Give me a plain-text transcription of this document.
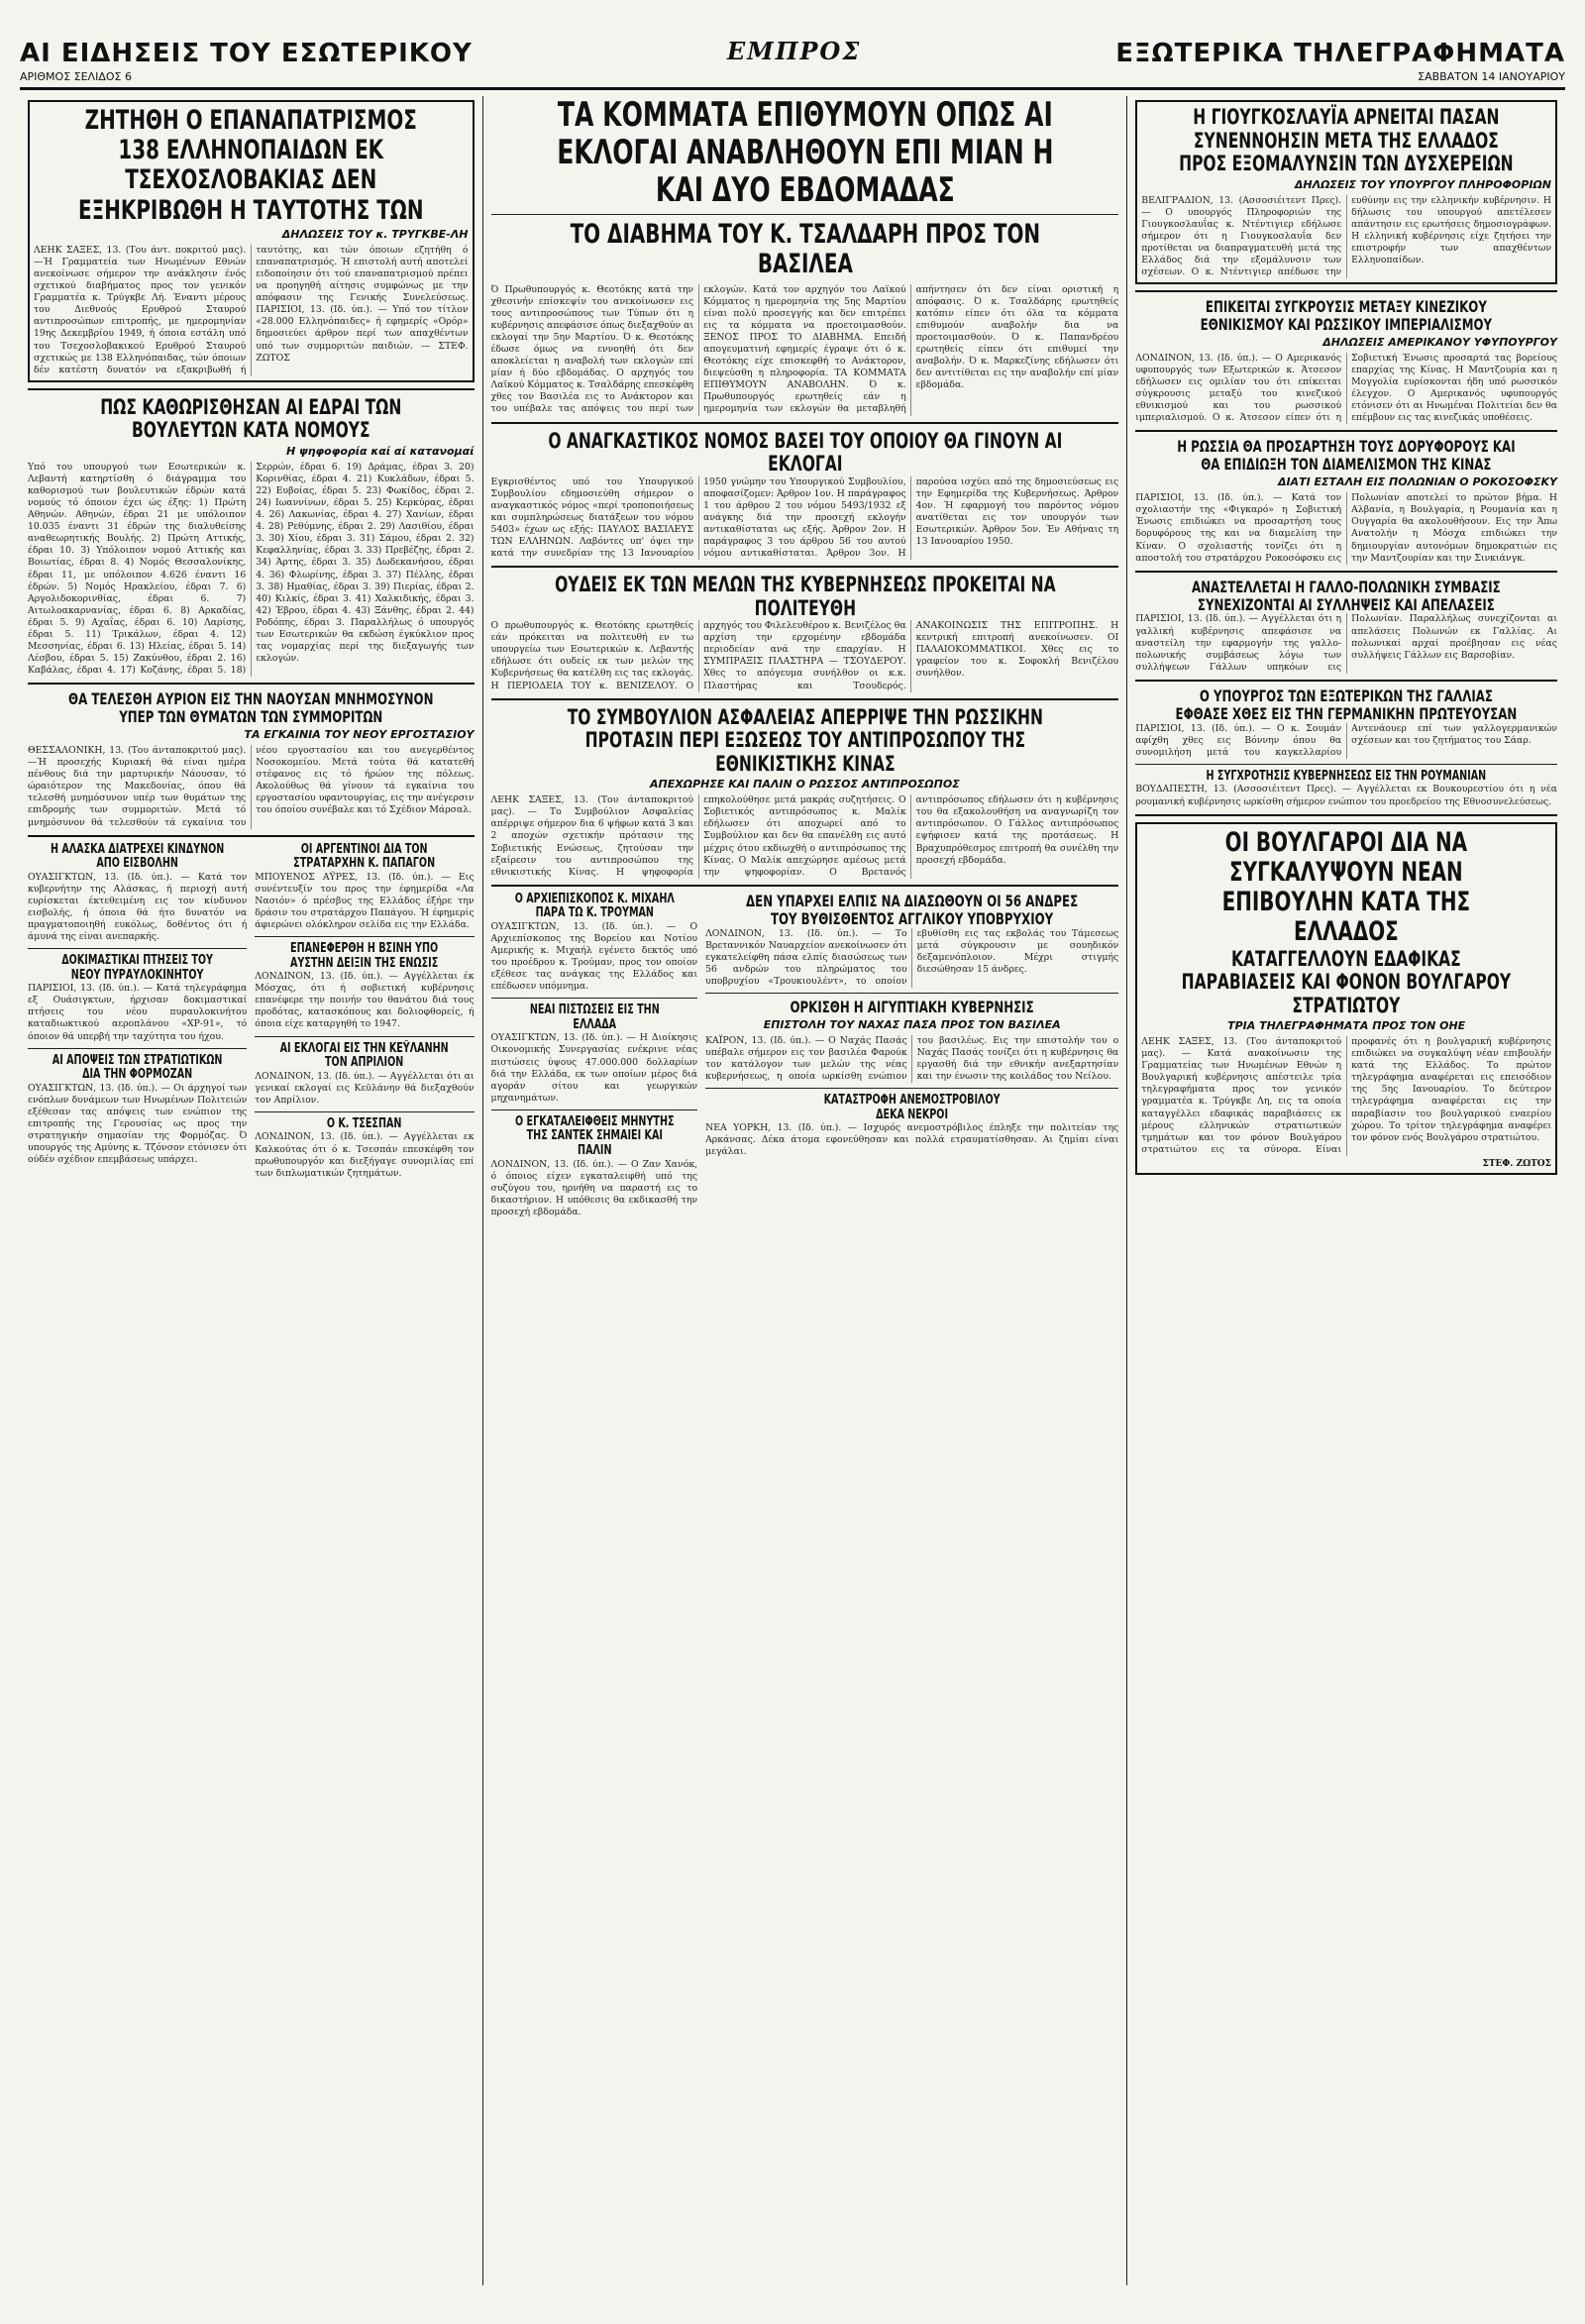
ΑΙ ΕΙΔΗΣΕΙΣ ΤΟΥ ΕΣΩΤΕΡΙΚΟΥ
ΑΡΙΘΜΟΣ ΣΕΛΙΔΟΣ 6
ΕΜΠΡΟΣ	ΕΞΩΤΕΡΙΚΑ ΤΗΛΕΓΡΑΦΗΜΑΤΑ
ΣΑΒΒΑΤΟΝ 14 ΙΑΝΟΥΑΡΙΟΥ
ΖΗΤΗΘΗ Ο ΕΠΑΝΑΠΑΤΡΙΣΜΟΣ 138 ΕΛΛΗΝΟΠΑΙΔΩΝ ΕΚ ΤΣΕΧΟΣΛΟΒΑΚΙΑΣ ΔΕΝ ΕΞΗΚΡΙΒΩΘΗ Η ΤΑΥΤΟΤΗΣ ΤΩΝ
ΔΗΛΩΣΕΙΣ ΤΟΥ κ. ΤΡΥΓΚΒΕ-ΛΗ
ΛΕΗΚ ΣΑΞΕΣ, 13. (Του άντ. ποκριτού μας).—Ή Γραμματεία των Ηνωμένων Εθνών ανεκοίνωσε σήμερον την ανάκλησιν ένός σχετικού διαβήματος προς τον γενικόν Γραμματέα κ. Τρύγκβε Λή. Έναντι μέρους του Διεθνούς Ερυθρού Σταυρού αντιπροσώπων επιτροπής, με ημερομηνίαν 19ης Δεκεμβρίου 1949, ή όποια εστάλη υπό του Τσεχοσλοβακικού Ερυθρού Σταυρού σχετικώς με 138 Ελληνόπαιδας, τών όποιων δέν κατέστη δυνατόν να εξακριβωθή ή ταυτότης, και τών όποιων εζητήθη ό επαναπατρισμός. Ή επιστολή αυτή αποτελεί ειδοποίησιν ότι τού επαναπατρισμού πρέπει να προηγηθή αίτησις συμφώνως με την απόφασιν της Γενικής Συνελεύσεως. ΠΑΡΙΣΙΟΙ, 13. (Ιδ. ύπ.). — Υπό τον τίτλον «28.000 Ελληνόπαιδες» ή εφημερίς «Ορόρ» δημοσιεύει άρθρον περί των απαχθέντων υπό των συμμοριτών παιδιών. — ΣΤΕΦ. ΖΩΤΟΣ
ΠΩΣ ΚΑΘΩΡΙΣΘΗΣΑΝ ΑΙ ΕΔΡΑΙ ΤΩΝ ΒΟΥΛΕΥΤΩΝ ΚΑΤΑ ΝΟΜΟΥΣ
Η ψηφοφορία καί αί κατανομαί
Υπό του υπουργού των Εσωτερικών κ. Λεβαντή κατηρτίσθη ό διάγραμμα του καθορισμού των βουλευτικών έδρών κατά νομούς τό όποιον έχει ώς έξης: 1) Πρώτη Αθηνών. Αθηνών, έδραι 21 με υπόλοιπον 10.035 έναντι 31 έδρών της διαλυθείσης αναθεωρητικής Βουλής. 2) Πρώτη Αττικής, έδραι 10. 3) Υπόλοιπον νομού Αττικής και Βοιωτίας, έδραι 8. 4) Νομός Θεσσαλονίκης, έδραι 11, με υπόλοιπον 4.626 έναντι 16 έδρών. 5) Νομός Ηρακλείου, έδραι 7. 6) Αργολιδοκορινθίας, έδραι 6. 7) Αιτωλοακαρνανίας, έδραι 6. 8) Αρκαδίας, έδραι 5. 9) Αχαΐας, έδραι 6. 10) Λαρίσης, έδραι 5. 11) Τρικάλων, έδραι 4. 12) Μεσσηνίας, έδραι 6. 13) Ηλείας, έδραι 5. 14) Λέσβου, έδραι 5. 15) Ζακύνθου, έδραι 2. 16) Καβάλας, έδραι 4. 17) Κοζάνης, έδραι 5. 18) Σερρών, έδραι 6. 19) Δράμας, έδραι 3. 20) Κορινθίας, έδραι 4. 21) Κυκλάδων, έδραι 5. 22) Ευβοίας, έδραι 5. 23) Φωκίδος, έδραι 2. 24) Ιωαννίνων, έδραι 5. 25) Κερκύρας, έδραι 4. 26) Λακωνίας, έδραι 4. 27) Χανίων, έδραι 4. 28) Ρεθύμνης, έδραι 2. 29) Λασιθίου, έδραι 3. 30) Χίου, έδραι 3. 31) Σάμου, έδραι 2. 32) Κεφαλληνίας, έδραι 3. 33) Πρεβέζης, έδραι 2. 34) Άρτης, έδραι 3. 35) Δωδεκανήσου, έδραι 4. 36) Φλωρίνης, έδραι 3. 37) Πέλλης, έδραι 3. 38) Ημαθίας, έδραι 3. 39) Πιερίας, έδραι 2. 40) Κιλκίς, έδραι 3. 41) Χαλκιδικής, έδραι 3. 42) Έβρου, έδραι 4. 43) Ξάνθης, έδραι 2. 44) Ροδόπης, έδραι 3. Παραλλήλως ό υπουργός των Εσωτερικών θα εκδώση έγκύκλιον προς τας νομαρχίας περί της διεξαγωγής των εκλογών.
ΘΑ ΤΕΛΕΣΘΗ ΑΥΡΙΟΝ ΕΙΣ ΤΗΝ ΝΑΟΥΣΑΝ ΜΝΗΜΟΣΥΝΟΝ ΥΠΕΡ ΤΩΝ ΘΥΜΑΤΩΝ ΤΩΝ ΣΥΜΜΟΡΙΤΩΝ
ΤΑ ΕΓΚΑΙΝΙΑ ΤΟΥ ΝΕΟΥ ΕΡΓΟΣΤΑΣΙΟΥ
ΘΕΣΣΑΛΟΝΙΚΗ, 13. (Του άνταποκριτού μας).—Ή προσεχής Κυριακή θά είναι ημέρα πένθους διά την μαρτυρικήν Νάουσαν, τό ώραιότερον της Μακεδονίας, όπου θά τελεσθή μνημόσυνον υπέρ των θυμάτων της επιδρομής των συμμοριτών. Μετά τό μνημόσυνον θά τελεσθούν τά εγκαίνια του νέου εργοστασίου και του ανεγερθέντος Νοσοκομείου. Μετά τούτα θά κατατεθή στέφανος εις τό ήρώον της πόλεως. Ακολούθως θά γίνουν τά εγκαίνια του εργοστασίου υφαντουργίας, εις την ανέγερσιν του όποίου συνέβαλε και τό Σχέδιον Μάρσαλ.
Η ΑΛΑΣΚΑ ΔΙΑΤΡΕΧΕΙ ΚΙΝΔΥΝΟΝ ΑΠΟ ΕΙΣΒΟΛΗΝ
ΟΥΑΣΙΓΚΤΩΝ, 13. (Ιδ. ύπ.). — Κατά τον κυβερνήτην της Αλάσκας, ή περιοχή αυτή ευρίσκεται έκτεθειμένη εις τον κίνδυνον εισβολής, ή όποια θά ήτο δυνατόν να πραγματοποιηθή ευκόλως, δοθέντος ότι ή άμυνά της είναι ανεπαρκής.
ΔΟΚΙΜΑΣΤΙΚΑΙ ΠΤΗΣΕΙΣ ΤΟΥ ΝΕΟΥ ΠΥΡΑΥΛΟΚΙΝΗΤΟΥ
ΠΑΡΙΣΙΟΙ, 13. (Ιδ. ύπ.). — Κατά τηλεγράφημα εξ Ουάσιγκτων, ήρχισαν δοκιμαστικαί πτήσεις του νέου πυραυλοκινήτου καταδιωκτικού αεροπλάνου «ΧΡ-91», τό όποιον θά υπερβή την ταχύτητα του ήχου.
ΑΙ ΑΠΟΨΕΙΣ ΤΩΝ ΣΤΡΑΤΙΩΤΙΚΩΝ ΔΙΑ ΤΗΝ ΦΟΡΜΟΖΑΝ
ΟΥΑΣΙΓΚΤΩΝ, 13. (Ιδ. ύπ.). — Οι άρχηγοί των ενόπλων δυνάμεων των Ηνωμένων Πολιτειών εξέθεσαν τας απόψεις των ενώπιον της επιτροπής της Γερουσίας ως προς την στρατηγικήν σημασίαν της Φορμόζας. Ό υπουργός της Αμύνης κ. Τζόνσον ετόνισεν ότι ούδέν σχέδιον επεμβάσεως υπάρχει.
ΟΙ ΑΡΓΕΝΤΙΝΟΙ ΔΙΑ ΤΟΝ ΣΤΡΑΤΑΡΧΗΝ Κ. ΠΑΠΑΓΟΝ
ΜΠΟΥΕΝΟΣ ΑΫΡΕΣ, 13. (Ιδ. ύπ.). — Εις συνέντευξίν του προς την έφημερίδα «Λα Νασιόν» ό πρέσβυς της Ελλάδος έξήρε την δράσιν του στρατάρχου Παπάγου. Ή έφημερίς άφιερώνει ολόκληρον σελίδα εις την Ελλάδα.
ΕΠΑΝΕΦΕΡΘΗ Η ΒΣΙΝΗ ΥΠΟ ΑΥΣΤΗΝ ΔΕΙΞΙΝ ΤΗΣ ΕΝΩΣΙΣ
ΛΟΝΔΙΝΟΝ, 13. (Ιδ. ύπ.). — Αγγέλλεται έκ Μόσχας, ότι ή σοβιετική κυβέρνησις επανέφερε την ποινήν του θανάτου διά τους προδότας, κατασκόπους και δολιοφθορείς, ή όποια είχε καταργηθή το 1947.
ΑΙ ΕΚΛΟΓΑΙ ΕΙΣ ΤΗΝ ΚΕΫΛΑΝΗΝ ΤΟΝ ΑΠΡΙΛΙΟΝ
ΛΟΝΔΙΝΟΝ, 13. (Ιδ. ύπ.). — Αγγέλλεται ότι αι γενικαί εκλογαί εις Κεϋλάνην θά διεξαχθούν τον Απρίλιον.
Ο Κ. ΤΣΕΣΠΑΝ
ΛΟΝΔΙΝΟΝ, 13. (Ιδ. ύπ.). — Αγγέλλεται εκ Καλκούτας ότι ό κ. Τσεσπάν επεσκέφθη τον πρωθυπουργόν και διεξήγαγε συνομιλίας επί των διπλωματικών ζητημάτων.
ΤΑ ΚΟΜΜΑΤΑ ΕΠΙΘΥΜΟΥΝ ΟΠΩΣ ΑΙ ΕΚΛΟΓΑΙ ΑΝΑΒΛΗΘΟΥΝ ΕΠΙ ΜΙΑΝ Η ΚΑΙ ΔΥΟ ΕΒΔΟΜΑΔΑΣ
ΤΟ ΔΙΑΒΗΜΑ ΤΟΥ Κ. ΤΣΑΛΔΑΡΗ ΠΡΟΣ ΤΟΝ ΒΑΣΙΛΕΑ
Ό Πρωθυπουργός κ. Θεοτόκης κατά την χθεσινήν επίσκεψίν του ανεκοίνωσεν εις τους αντιπροσώπους των Τύπων ότι η κυβέρνησις απεφάσισε όπως διεξαχθούν αι εκλογαί την 5ην Μαρτίου. Ό κ. Θεοτόκης έδωσε όμως να εννοηθή ότι δεν αποκλείεται η αναβολή των εκλογών επί μίαν ή δύο εβδομάδας. Ο αρχηγός του Λαϊκού Κόμματος κ. Τσαλδάρης επεσκέφθη χθες τον Βασιλέα εις το Ανάκτορον και του υπέβαλε τας απόψεις του περί των εκλογών. Κατά τον αρχηγόν του Λαϊκού Κόμματος η ημερομηνία της 5ης Μαρτίου είναι πολύ προσεγγής και δεν επιτρέπει εις τα κόμματα να προετοιμασθούν. ΞΕΝΟΣ ΠΡΟΣ ΤΟ ΔΙΑΒΗΜΑ. Επειδή απογευματινή εφημερίς έγραψε ότι ό κ. Θεοτόκης είχε επισκεφθή το Ανάκτορον, διεψεύσθη η πληροφορία. ΤΑ ΚΟΜΜΑΤΑ ΕΠΙΘΥΜΟΥΝ ΑΝΑΒΟΛΗΝ. Ό κ. Πρωθυπουργός ερωτηθείς εάν η ημερομηνία των εκλογών θα μεταβληθή απήντησεν ότι δεν είναι οριστική η απόφασις. Ό κ. Τσαλδάρης ερωτηθείς κατόπιν είπεν ότι όλα τα κόμματα επιθυμούν αναβολήν δια να προετοιμασθούν. Ό κ. Παπανδρέου ερωτηθείς είπεν ότι επιθυμεί την αναβολήν. Ό κ. Μαρκεζίνης εδήλωσεν ότι δεν αντιτίθεται εις την αναβολήν επί μίαν εβδομάδα.
Ο ΑΝΑΓΚΑΣΤΙΚΟΣ ΝΟΜΟΣ ΒΑΣΕΙ ΤΟΥ ΟΠΟΙΟΥ ΘΑ ΓΙΝΟΥΝ ΑΙ ΕΚΛΟΓΑΙ
Εγκρισθέντος υπό του Υπουργικού Συμβουλίου εδημοσιεύθη σήμερον ο αναγκαστικός νόμος «περί τροποποιήσεως και συμπληρώσεως διατάξεων του νόμου 5403» έχων ως εξής: ΠΑΥΛΟΣ ΒΑΣΙΛΕΥΣ ΤΩΝ ΕΛΛΗΝΩΝ. Λαβόντες υπ' όψει την κατά την συνεδρίαν της 13 Ιανουαρίου 1950 γνώμην του Υπουργικού Συμβουλίου, αποφασίζομεν: Άρθρον 1ον. Η παράγραφος 1 του άρθρου 2 του νόμου 5493/1932 εξ ανάγκης διά την προσεχή εκλογήν αντικαθίσταται ως εξής. Άρθρον 2ον. Η παράγραφος 3 του άρθρου 56 του αυτού νόμου αντικαθίσταται. Άρθρον 3ον. Η παρούσα ισχύει από της δημοσιεύσεως εις την Εφημερίδα της Κυβερνήσεως. Άρθρον 4ον. Ή εφαρμογή του παρόντος νόμου ανατίθεται εις τον υπουργόν των Εσωτερικών. Άρθρον 5ον. Έν Αθήναις τη 13 Ιανουαρίου 1950.
ΟΥΔΕΙΣ ΕΚ ΤΩΝ ΜΕΛΩΝ ΤΗΣ ΚΥΒΕΡΝΗΣΕΩΣ ΠΡΟΚΕΙΤΑΙ ΝΑ ΠΟΛΙΤΕΥΘΗ
Ο πρωθυπουργός κ. Θεοτόκης ερωτηθείς εάν πρόκειται να πολιτευθή εν τω υπουργείω των Εσωτερικών κ. Λεβαντής εδήλωσε ότι ουδείς εκ των μελών της Κυβερνήσεως θα κατέλθη εις τας εκλογάς. Η ΠΕΡΙΟΔΕΙΑ ΤΟΥ κ. ΒΕΝΙΖΕΛΟΥ. Ο αρχηγός του Φιλελευθέρου κ. Βενιζέλος θα αρχίση την ερχομένην εβδομάδα περιοδείαν ανά την επαρχίαν. Η ΣΥΜΠΡΑΞΙΣ ΠΛΑΣΤΗΡΑ — ΤΣΟΥΔΕΡΟΥ. Χθες το απόγευμα συνήλθον οι κ.κ. Πλαστήρας και Τσουδερός. ΑΝΑΚΟΙΝΩΣΙΣ ΤΗΣ ΕΠΙΤΡΟΠΗΣ. Η κεντρική επιτροπή ανεκοίνωσεν. ΟΙ ΠΑΛΑΙΟΚΟΜΜΑΤΙΚΟΙ. Χθες εις το γραφείον του κ. Σοφοκλή Βενιζέλου συνήλθον.
ΤΟ ΣΥΜΒΟΥΛΙΟΝ ΑΣΦΑΛΕΙΑΣ ΑΠΕΡΡΙΨΕ ΤΗΝ ΡΩΣΣΙΚΗΝ ΠΡΟΤΑΣΙΝ ΠΕΡΙ ΕΞΩΣΕΩΣ ΤΟΥ ΑΝΤΙΠΡΟΣΩΠΟΥ ΤΗΣ ΕΘΝΙΚΙΣΤΙΚΗΣ ΚΙΝΑΣ
ΑΠΕΧΩΡΗΣΕ ΚΑΙ ΠΑΛΙΝ Ο ΡΩΣΣΟΣ ΑΝΤΙΠΡΟΣΩΠΟΣ
ΛΕΗΚ ΣΑΞΕΣ, 13. (Του άνταποκριτού μας). — Το Συμβούλιον Ασφαλείας απέρριψε σήμερον δια 6 ψήφων κατά 3 και 2 αποχών σχετικήν πρότασιν της Σοβιετικής Ενώσεως, ζητούσαν την εξαίρεσιν του αντιπροσώπου της εθνικιστικής Κίνας. Η ψηφοφορία επηκολούθησε μετά μακράς συζητήσεις. Ο Σοβιετικός αντιπρόσωπος κ. Μαλίκ εδήλωσεν ότι αποχωρεί από το Συμβούλιον και δεν θα επανέλθη εις αυτό μέχρις ότου εκδιωχθή ο αντιπρόσωπος της Κίνας. Ο Μαλίκ απεχώρησε αμέσως μετά την ψηφοφορίαν. Ο Βρετανός αντιπρόσωπος εδήλωσεν ότι η κυβέρνησις του θα εξακολουθήση να αναγνωρίζη τον αντιπρόσωπον. Ο Γάλλος αντιπρόσωπος εψήφισεν κατά της προτάσεως. Η Βραχυπρόθεσμος επιτροπή θα συνέλθη την προσεχή εβδομάδα.
Ο ΑΡΧΙΕΠΙΣΚΟΠΟΣ Κ. ΜΙΧΑΗΛ ΠΑΡΑ ΤΩ Κ. ΤΡΟΥΜΑΝ
ΟΥΑΣΙΓΚΤΩΝ, 13. (Ιδ. ύπ.). — Ο Αρχιεπίσκοπος της Βορείου και Νοτίου Αμερικής κ. Μιχαήλ εγένετο δεκτός υπό του προέδρου κ. Τρούμαν, προς τον οποίον εξέθεσε τας ανάγκας της Ελλάδος και επέδωσεν υπόμνημα.
ΝΕΑΙ ΠΙΣΤΩΣΕΙΣ ΕΙΣ ΤΗΝ ΕΛΛΑΔΑ
ΟΥΑΣΙΓΚΤΩΝ, 13. (Ιδ. ύπ.). — Η Διοίκησις Οικονομικής Συνεργασίας ενέκρινε νέας πιστώσεις ύψους 47.000.000 δολλαρίων διά την Ελλάδα, εκ των οποίων μέρος διά αγοράν σίτου και γεωργικών μηχανημάτων.
Ο ΕΓΚΑΤΑΛΕΙΦΘΕΙΣ ΜΗΝΥΤΗΣ ΤΗΣ ΣΑΝΤΕΚ ΣΗΜΑΙΕΙ ΚΑΙ ΠΑΛΙΝ
ΛΟΝΔΙΝΟΝ, 13. (Ιδ. ύπ.). — Ο Ζαν Χανόκ, ό όποιος είχεν εγκαταλειφθή υπό της συζύγου του, ηρνήθη να παραστή εις το δικαστήριον. Η υπόθεσις θα εκδικασθή την προσεχή εβδομάδα.
ΔΕΝ ΥΠΑΡΧΕΙ ΕΛΠΙΣ ΝΑ ΔΙΑΣΩΘΟΥΝ ΟΙ 56 ΑΝΔΡΕΣ ΤΟΥ ΒΥΘΙΣΘΕΝΤΟΣ ΑΓΓΛΙΚΟΥ ΥΠΟΒΡΥΧΙΟΥ
ΛΟΝΔΙΝΟΝ, 13. (Ιδ. ύπ.). — Το Βρεταννικόν Ναυαρχείον ανεκοίνωσεν ότι εγκατελείφθη πάσα ελπίς διασώσεως των 56 ανδρών του πληρώματος του υποβρυχίου «Τρουκιουλέντ», το οποίον εβυθίσθη εις τας εκβολάς του Τάμεσεως μετά σύγκρουσιν με σουηδικόν δεξαμενόπλοιον. Μέχρι στιγμής διεσώθησαν 15 άνδρες.
ΟΡΚΙΣΘΗ Η ΑΙΓΥΠΤΙΑΚΗ ΚΥΒΕΡΝΗΣΙΣ
ΕΠΙΣΤΟΛΗ ΤΟΥ ΝΑΧΑΣ ΠΑΣΑ ΠΡΟΣ ΤΟΝ ΒΑΣΙΛΕΑ
ΚΑΪΡΟΝ, 13. (Ιδ. ύπ.). — Ο Ναχάς Πασάς υπέβαλε σήμερον εις τον βασιλέα Φαρούκ τον κατάλογον των μελών της νέας κυβερνήσεως, η οποία ωρκίσθη ενώπιον του βασιλέως. Εις την επιστολήν του ο Ναχάς Πασάς τονίζει ότι η κυβέρνησις θα εργασθή διά την εθνικήν ανεξαρτησίαν και την ένωσιν της κοιλάδος του Νείλου.
ΚΑΤΑΣΤΡΟΦΗ ΑΝΕΜΟΣΤΡΟΒΙΛΟΥ
ΔΕΚΑ ΝΕΚΡΟΙ
ΝΕΑ ΥΟΡΚΗ, 13. (Ιδ. ύπ.). — Ισχυρός ανεμοστρόβιλος έπληξε την πολιτείαν της Αρκάνσας. Δέκα άτομα εφονεύθησαν και πολλά ετραυματίσθησαν. Αι ζημίαι είναι μεγάλαι.
Η ΓΙΟΥΓΚΟΣΛΑΥΪΑ ΑΡΝΕΙΤΑΙ ΠΑΣΑΝ ΣΥΝΕΝΝΟΗΣΙΝ ΜΕΤΑ ΤΗΣ ΕΛΛΑΔΟΣ ΠΡΟΣ ΕΞΟΜΑΛΥΝΣΙΝ ΤΩΝ ΔΥΣΧΕΡΕΙΩΝ
ΔΗΛΩΣΕΙΣ ΤΟΥ ΥΠΟΥΡΓΟΥ ΠΛΗΡΟΦΟΡΙΩΝ
ΒΕΛΙΓΡΑΔΙΟΝ, 13. (Ασσοσιέιτεντ Πρες). — Ο υπουργός Πληροφοριών της Γιουγκοσλαυΐας κ. Ντέντιγιερ εδήλωσε σήμερον ότι η Γιουγκοσλαυΐα δεν προτίθεται να διαπραγματευθή μετά της Ελλάδος διά την εξομάλυνσιν των σχέσεων. Ο κ. Ντέντιγιερ απέδωσε την ευθύνην εις την ελληνικήν κυβέρνησιν. Η δήλωσις του υπουργού απετέλεσεν απάντησιν εις ερωτήσεις δημοσιογράφων. Η ελληνική κυβέρνησις είχε ζητήσει την επιστροφήν των απαχθέντων Ελληνοπαίδων.
ΕΠΙΚΕΙΤΑΙ ΣΥΓΚΡΟΥΣΙΣ ΜΕΤΑΞΥ ΚΙΝΕΖΙΚΟΥ ΕΘΝΙΚΙΣΜΟΥ ΚΑΙ ΡΩΣΣΙΚΟΥ ΙΜΠΕΡΙΑΛΙΣΜΟΥ
ΔΗΛΩΣΕΙΣ ΑΜΕΡΙΚΑΝΟΥ ΥΦΥΠΟΥΡΓΟΥ
ΛΟΝΔΙΝΟΝ, 13. (Ιδ. ύπ.). — Ο Αμερικανός υφυπουργός των Εξωτερικών κ. Άτσεσον εδήλωσεν εις ομιλίαν του ότι επίκειται σύγκρουσις μεταξύ του κινεζικού εθνικισμού και του ρωσσικού ιμπεριαλισμού. Ο κ. Άτσεσον είπεν ότι η Σοβιετική Ένωσις προσαρτά τας βορείους επαρχίας της Κίνας. Η Μαντζουρία και η Μογγολία ευρίσκονται ήδη υπό ρωσσικόν έλεγχον. Ο Αμερικανός υφυπουργός ετόνισεν ότι αι Ηνωμέναι Πολιτείαι δεν θα επέμβουν εις τας κινεζικάς υποθέσεις.
Η ΡΩΣΣΙΑ ΘΑ ΠΡΟΣΑΡΤΗΣΗ ΤΟΥΣ ΔΟΡΥΦΟΡΟΥΣ ΚΑΙ ΘΑ ΕΠΙΔΙΩΞΗ ΤΟΝ ΔΙΑΜΕΛΙΣΜΟΝ ΤΗΣ ΚΙΝΑΣ
ΔΙΑΤΙ ΕΣΤΑΛΗ ΕΙΣ ΠΟΛΩΝΙΑΝ Ο ΡΟΚΟΣΟΦΣΚΥ
ΠΑΡΙΣΙΟΙ, 13. (Ιδ. ύπ.). — Κατά τον σχολιαστήν της «Φιγκαρό» η Σοβιετική Ένωσις επιδιώκει να προσαρτήση τους δορυφόρους της και να διαμελίση την Κίναν. Ο σχολιαστής τονίζει ότι η αποστολή του στρατάρχου Ροκοσόφσκυ εις Πολωνίαν αποτελεί το πρώτον βήμα. Η Αλβανία, η Βουλγαρία, η Ρουμανία και η Ουγγαρία θα ακολουθήσουν. Εις την Άπω Ανατολήν η Μόσχα επιδιώκει την δημιουργίαν αυτονόμων δημοκρατιών εις την Μαντζουρίαν και την Σινκιάνγκ.
ΑΝΑΣΤΕΛΛΕΤΑΙ Η ΓΑΛΛΟ-ΠΟΛΩΝΙΚΗ ΣΥΜΒΑΣΙΣ
ΣΥΝΕΧΙΖΟΝΤΑΙ ΑΙ ΣΥΛΛΗΨΕΙΣ ΚΑΙ ΑΠΕΛΑΣΕΙΣ
ΠΑΡΙΣΙΟΙ, 13. (Ιδ. ύπ.). — Αγγέλλεται ότι η γαλλική κυβέρνησις απεφάσισε να αναστείλη την εφαρμογήν της γαλλο-πολωνικής συμβάσεως λόγω των συλλήψεων Γάλλων υπηκόων εις Πολωνίαν. Παραλλήλως συνεχίζονται αι απελάσεις Πολωνών εκ Γαλλίας. Αι πολωνικαί αρχαί προέβησαν εις νέας συλλήψεις Γάλλων εις Βαρσοβίαν.
Ο ΥΠΟΥΡΓΟΣ ΤΩΝ ΕΞΩΤΕΡΙΚΩΝ ΤΗΣ ΓΑΛΛΙΑΣ ΕΦΘΑΣΕ ΧΘΕΣ ΕΙΣ ΤΗΝ ΓΕΡΜΑΝΙΚΗΝ ΠΡΩΤΕΥΟΥΣΑΝ
ΠΑΡΙΣΙΟΙ, 13. (Ιδ. ύπ.). — Ο κ. Σουμάν αφίχθη χθες εις Βόννην όπου θα συνομιλήση μετά του καγκελλαρίου Αντενάουερ επί των γαλλογερμανικών σχέσεων και του ζητήματος του Σάαρ.
Η ΣΥΓΧΡΟΤΗΣΙΣ ΚΥΒΕΡΝΗΣΕΩΣ ΕΙΣ ΤΗΝ ΡΟΥΜΑΝΙΑΝ
ΒΟΥΔΑΠΕΣΤΗ, 13. (Ασσοσιέιτεντ Πρες). — Αγγέλλεται εκ Βουκουρεστίου ότι η νέα ρουμανική κυβέρνησις ωρκίσθη σήμερον ενώπιον του προεδρείου της Εθνοσυνελεύσεως.
ΟΙ ΒΟΥΛΓΑΡΟΙ ΔΙΑ ΝΑ ΣΥΓΚΑΛΥΨΟΥΝ ΝΕΑΝ ΕΠΙΒΟΥΛΗΝ ΚΑΤΑ ΤΗΣ ΕΛΛΑΔΟΣ
ΚΑΤΑΓΓΕΛΛΟΥΝ ΕΔΑΦΙΚΑΣ ΠΑΡΑΒΙΑΣΕΙΣ ΚΑΙ ΦΟΝΟΝ ΒΟΥΛΓΑΡΟΥ ΣΤΡΑΤΙΩΤΟΥ
ΤΡΙΑ ΤΗΛΕΓΡΑΦΗΜΑΤΑ ΠΡΟΣ ΤΟΝ ΟΗΕ
ΛΕΗΚ ΣΑΞΕΣ, 13. (Του άνταποκριτού μας). — Κατά ανακοίνωσιν της Γραμματείας των Ηνωμένων Εθνών η Βουλγαρική κυβέρνησις απέστειλε τρία τηλεγραφήματα προς τον γενικόν γραμματέα κ. Τρύγκβε Λη, εις τα οποία καταγγέλλει εδαφικάς παραβιάσεις εκ μέρους ελληνικών στρατιωτικών τμημάτων και τον φόνον Βουλγάρου στρατιώτου εις τα σύνορα. Είναι προφανές ότι η βουλγαρική κυβέρνησις επιδιώκει να συγκαλύψη νέαν επιβουλήν κατά της Ελλάδος. Το πρώτον τηλεγράφημα αναφέρεται εις επεισόδιον της 5ης Ιανουαρίου. Το δεύτερον τηλεγράφημα αναφέρεται εις την παραβίασιν του βουλγαρικού εναερίου χώρου. Το τρίτον τηλεγράφημα αναφέρει τον φόνον ενός Βουλγάρου στρατιώτου.
ΣΤΕΦ. ΖΩΤΟΣ
